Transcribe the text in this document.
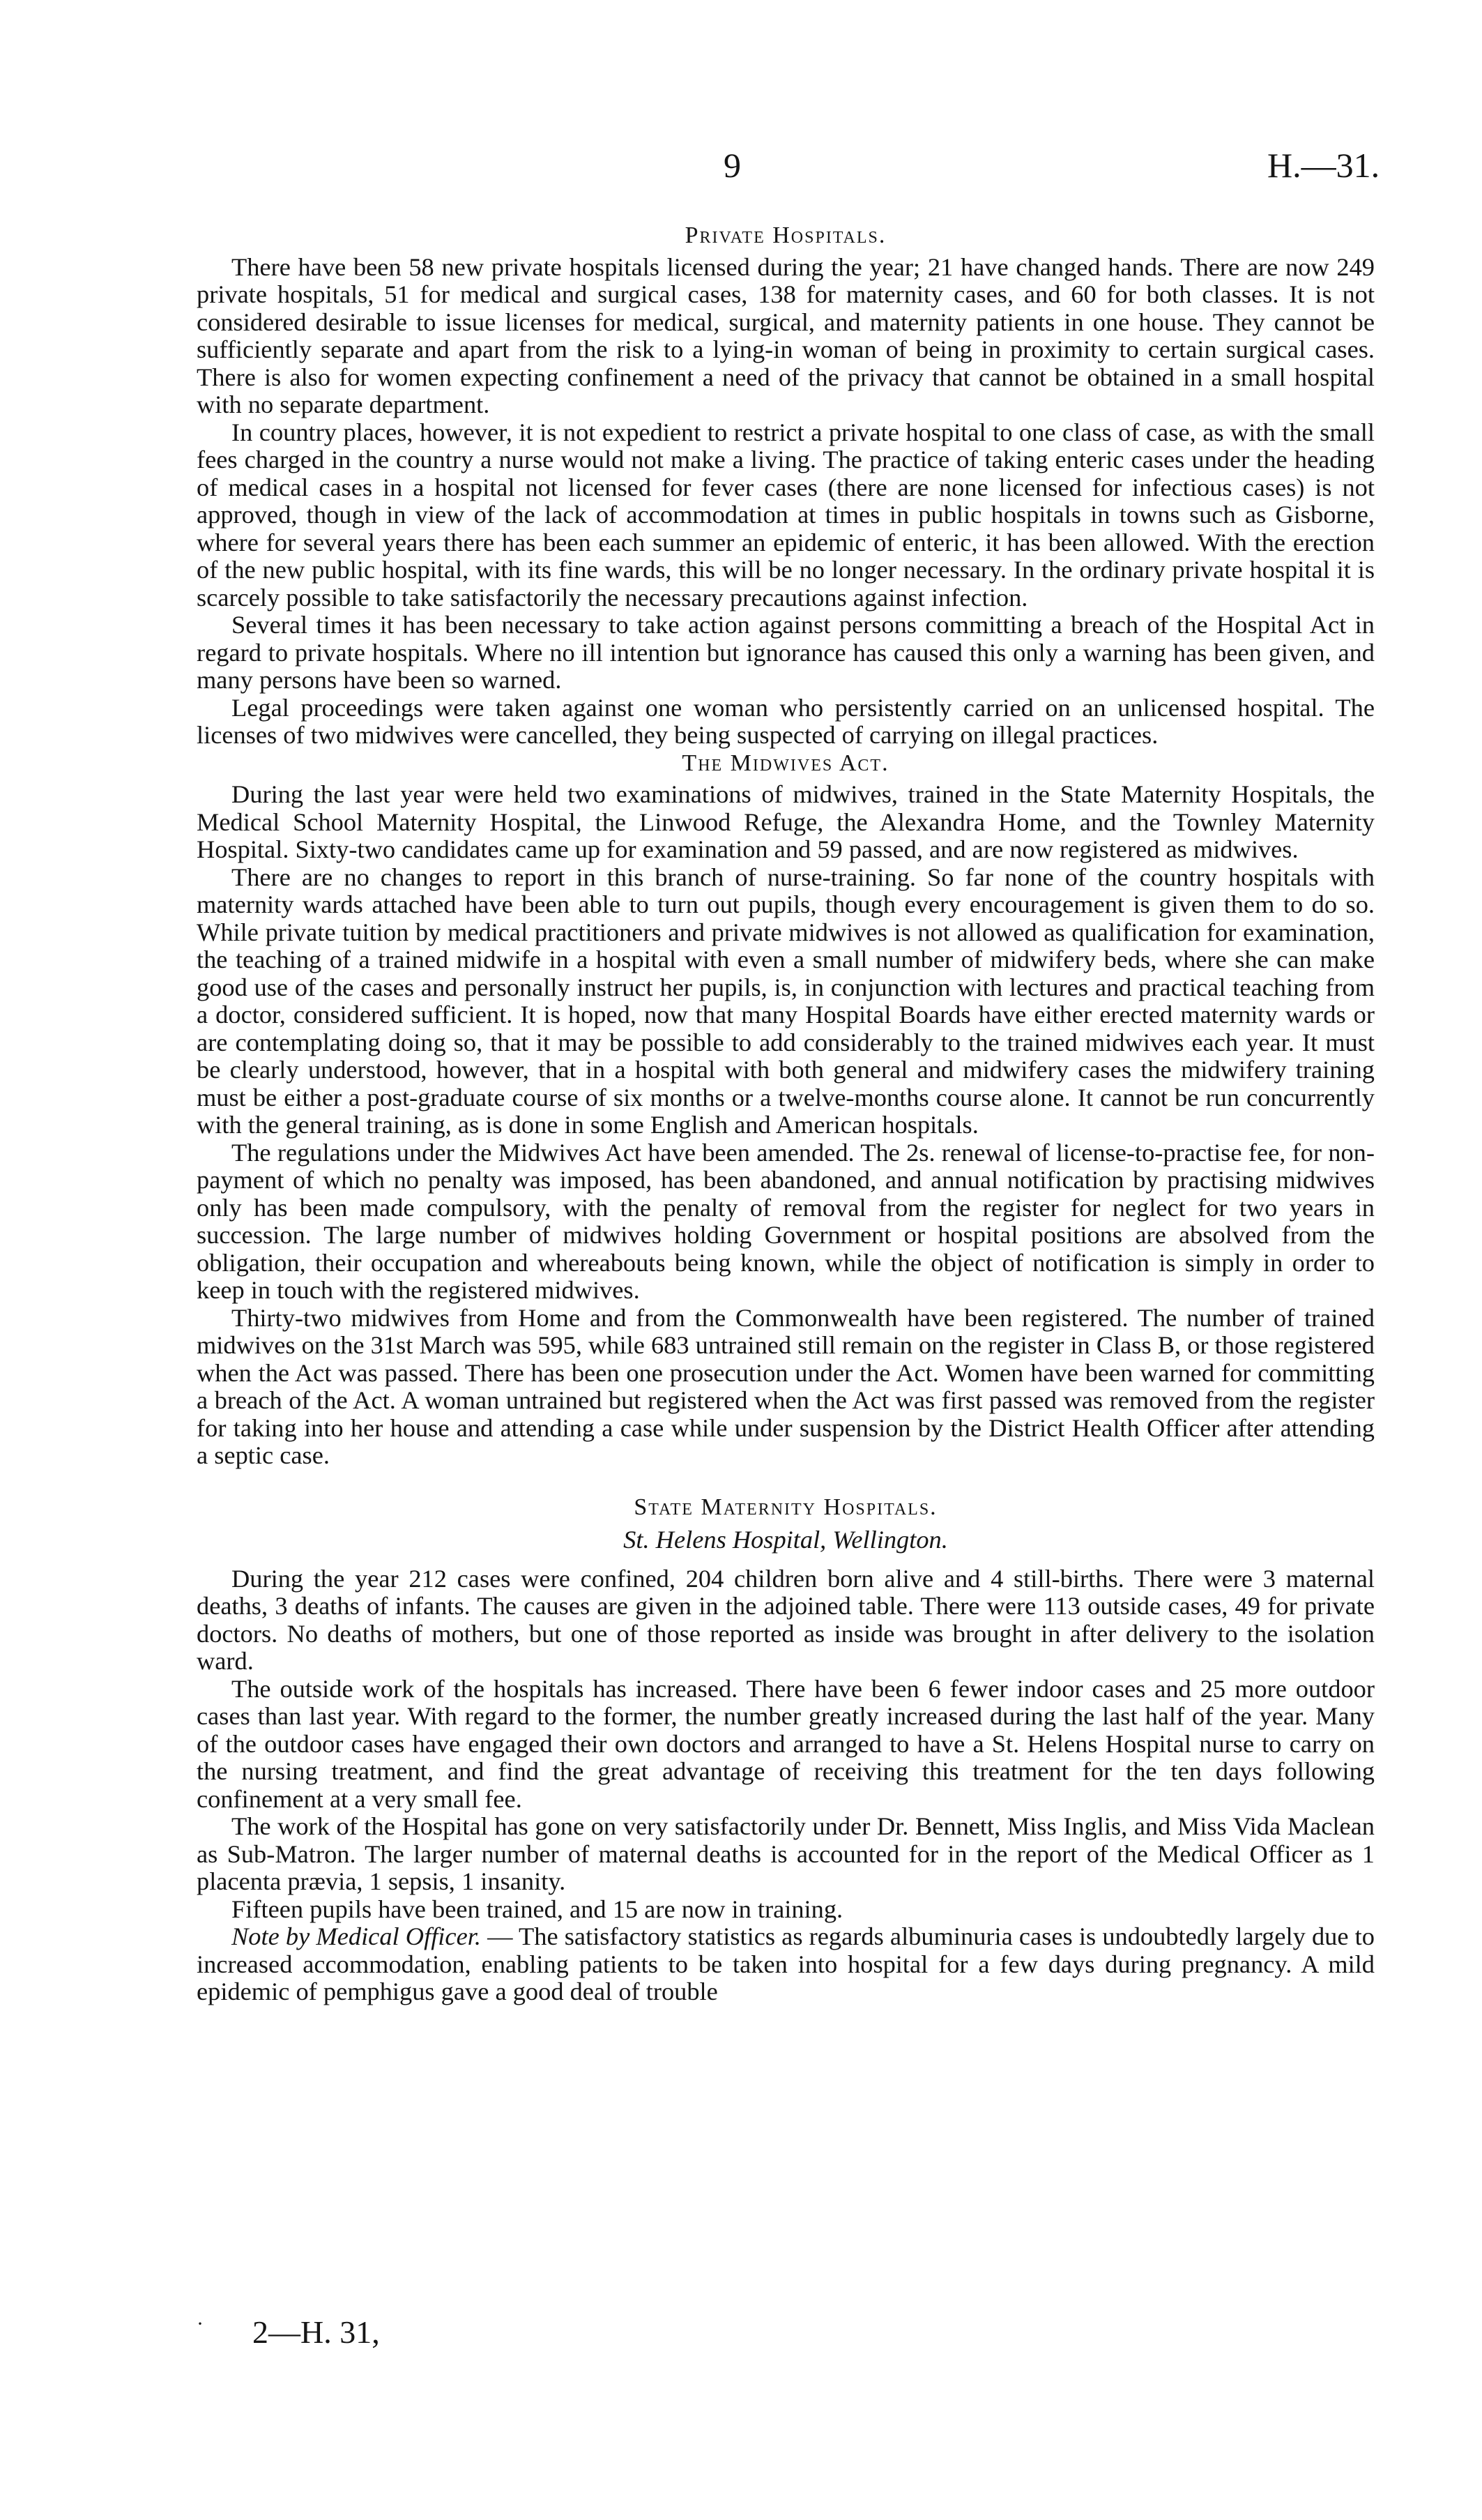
9	H.—31.
Private Hospitals.

There have been 58 new private hospitals licensed during the year; 21 have changed hands. There are now 249 private hospitals, 51 for medical and surgical cases, 138 for maternity cases, and 60 for both classes. It is not considered desirable to issue licenses for medical, surgical, and maternity patients in one house. They cannot be sufficiently separate and apart from the risk to a lying-in woman of being in proximity to certain surgical cases. There is also for women expecting confinement a need of the privacy that cannot be obtained in a small hospital with no separate department.

In country places, however, it is not expedient to restrict a private hospital to one class of case, as with the small fees charged in the country a nurse would not make a living. The practice of taking enteric cases under the heading of medical cases in a hospital not licensed for fever cases (there are none licensed for infectious cases) is not approved, though in view of the lack of accommodation at times in public hospitals in towns such as Gisborne, where for several years there has been each summer an epidemic of enteric, it has been allowed. With the erection of the new public hospital, with its fine wards, this will be no longer necessary. In the ordinary private hospital it is scarcely possible to take satisfactorily the necessary precautions against infection.

Several times it has been necessary to take action against persons committing a breach of the Hospital Act in regard to private hospitals. Where no ill intention but ignorance has caused this only a warning has been given, and many persons have been so warned.

Legal proceedings were taken against one woman who persistently carried on an unlicensed hospital. The licenses of two midwives were cancelled, they being suspected of carrying on illegal practices.

The Midwives Act.

During the last year were held two examinations of midwives, trained in the State Maternity Hospitals, the Medical School Maternity Hospital, the Linwood Refuge, the Alexandra Home, and the Townley Maternity Hospital. Sixty-two candidates came up for examination and 59 passed, and are now registered as midwives.

There are no changes to report in this branch of nurse-training. So far none of the country hospitals with maternity wards attached have been able to turn out pupils, though every encouragement is given them to do so. While private tuition by medical practitioners and private midwives is not allowed as qualification for examination, the teaching of a trained midwife in a hospital with even a small number of midwifery beds, where she can make good use of the cases and personally instruct her pupils, is, in conjunction with lectures and practical teaching from a doctor, considered sufficient. It is hoped, now that many Hospital Boards have either erected maternity wards or are contemplating doing so, that it may be possible to add considerably to the trained midwives each year. It must be clearly understood, however, that in a hospital with both general and midwifery cases the midwifery training must be either a post-graduate course of six months or a twelve-months course alone. It cannot be run concurrently with the general training, as is done in some English and American hospitals.

The regulations under the Midwives Act have been amended. The 2s. renewal of license-to-practise fee, for non-payment of which no penalty was imposed, has been abandoned, and annual notification by practising midwives only has been made compulsory, with the penalty of removal from the register for neglect for two years in succession. The large number of midwives holding Government or hospital positions are absolved from the obligation, their occupation and whereabouts being known, while the object of notification is simply in order to keep in touch with the registered midwives.

Thirty-two midwives from Home and from the Commonwealth have been registered. The number of trained midwives on the 31st March was 595, while 683 untrained still remain on the register in Class B, or those registered when the Act was passed. There has been one prosecution under the Act. Women have been warned for committing a breach of the Act. A woman untrained but registered when the Act was first passed was removed from the register for taking into her house and attending a case while under suspension by the District Health Officer after attending a septic case.

State Maternity Hospitals.
St. Helens Hospital, Wellington.

During the year 212 cases were confined, 204 children born alive and 4 still-births. There were 3 maternal deaths, 3 deaths of infants. The causes are given in the adjoined table. There were 113 outside cases, 49 for private doctors. No deaths of mothers, but one of those reported as inside was brought in after delivery to the isolation ward.

The outside work of the hospitals has increased. There have been 6 fewer indoor cases and 25 more outdoor cases than last year. With regard to the former, the number greatly increased during the last half of the year. Many of the outdoor cases have engaged their own doctors and arranged to have a St. Helens Hospital nurse to carry on the nursing treatment, and find the great advantage of receiving this treatment for the ten days following confinement at a very small fee.

The work of the Hospital has gone on very satisfactorily under Dr. Bennett, Miss Inglis, and Miss Vida Maclean as Sub-Matron. The larger number of maternal deaths is accounted for in the report of the Medical Officer as 1 placenta prævia, 1 sepsis, 1 insanity.

Fifteen pupils have been trained, and 15 are now in training.

Note by Medical Officer. — The satisfactory statistics as regards albuminuria cases is undoubtedly largely due to increased accommodation, enabling patients to be taken into hospital for a few days during pregnancy. A mild epidemic of pemphigus gave a good deal of trouble

· 2—H. 31,
